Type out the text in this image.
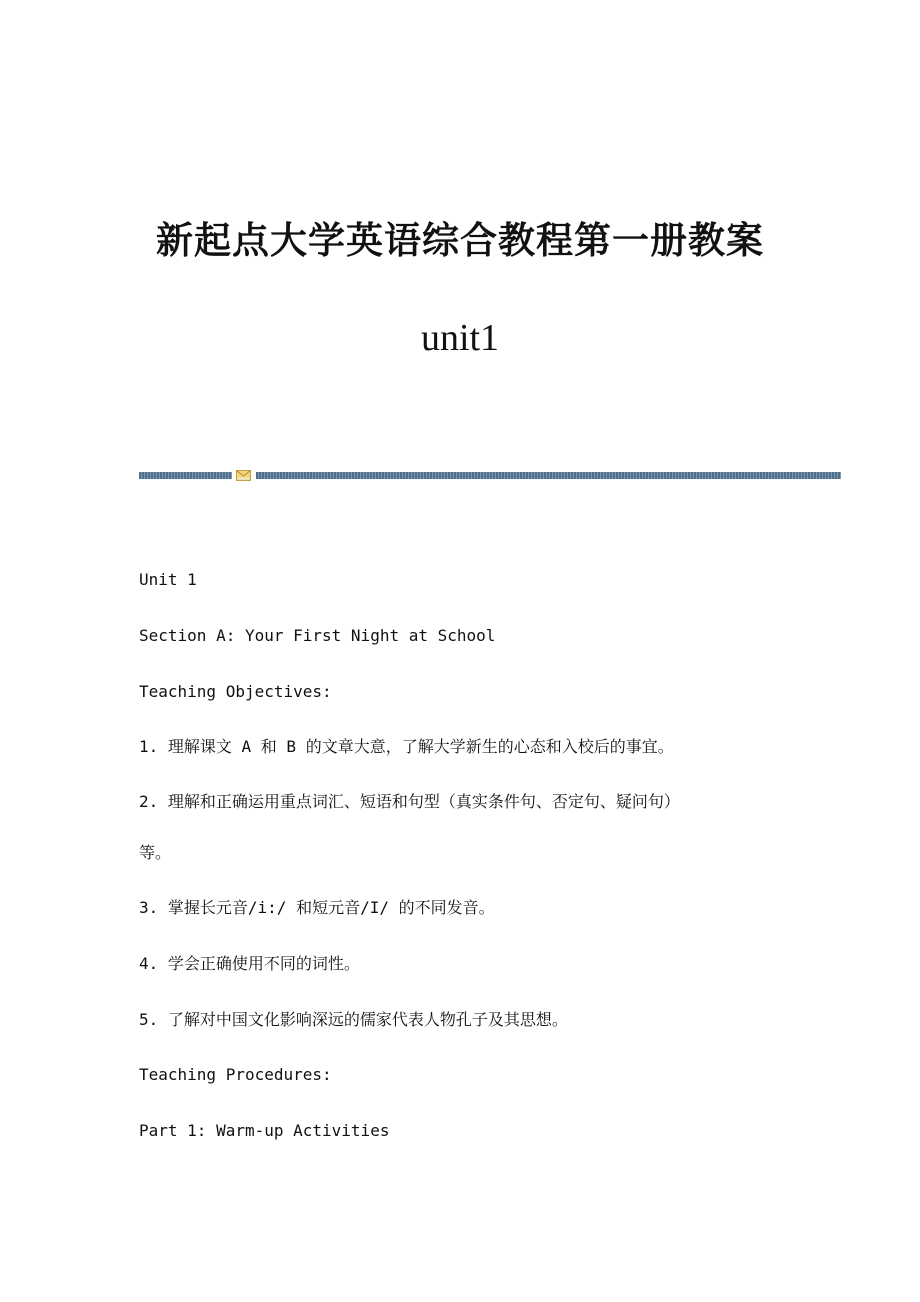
新起点大学英语综合教程第一册教案
unit1

Unit 1

Section A: Your First Night at School

Teaching Objectives:

1. 理解课文 A 和 B 的文章大意，了解大学新生的心态和入校后的事宜。

2. 理解和正确运用重点词汇、短语和句型（真实条件句、否定句、疑问句）

等。

3. 掌握长元音/i:/ 和短元音/I/ 的不同发音。

4. 学会正确使用不同的词性。

5. 了解对中国文化影响深远的儒家代表人物孔子及其思想。

Teaching Procedures:

Part 1: Warm-up Activities
